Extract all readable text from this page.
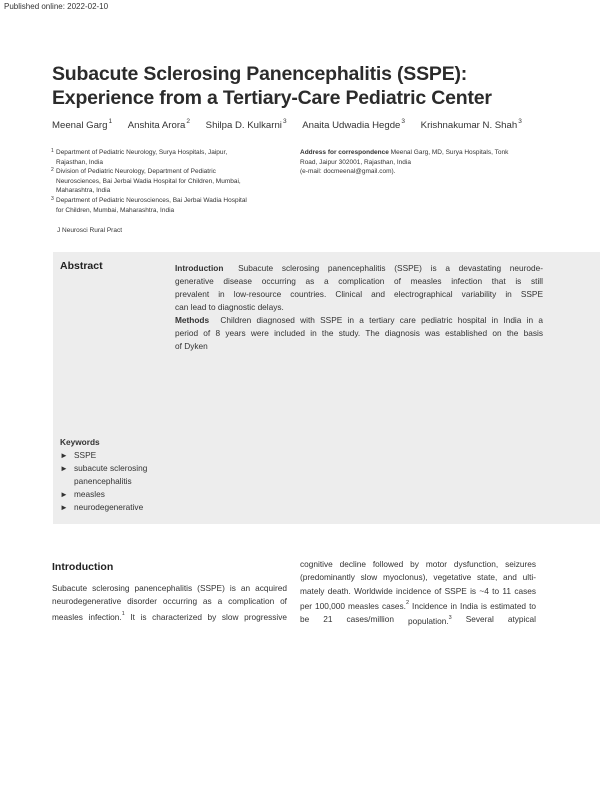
Published online: 2022-02-10
Subacute Sclerosing Panencephalitis (SSPE):
Experience from a Tertiary-Care Pediatric Center
Meenal Garg$^1$ Anshita Arora$^2$ Shilpa D. Kulkarni$^3$ Anaita Udwadia Hegde$^3$ Krishnakumar N. Shah$^3$
1 Department of Pediatric Neurology, Surya Hospitals, Jaipur,
Rajasthan, India
2 Division of Pediatric Neurology, Department of Pediatric
Neurosciences, Bai Jerbai Wadia Hospital for Children, Mumbai,
Maharashtra, India
3 Department of Pediatric Neurosciences, Bai Jerbai Wadia Hospital
for Children, Mumbai, Maharashtra, India
J Neurosci Rural Pract
Address for correspondence Meenal Garg, MD, Surya Hospitals, Tonk
Road, Jaipur 302001, Rajasthan, India
(e-mail: docmeenal@gmail.com).
Abstract	Introduction Subacute sclerosing panencephalitis (SSPE) is a devastating neurode-
generative disease occurring as a complication of measles infection that is still
prevalent in low-resource countries. Clinical and electrographical variability in SSPE
can lead to diagnostic delays.
Methods Children diagnosed with SSPE in a tertiary care pediatric hospital in India in a
period of 8 years were included in the study. The diagnosis was established on the basis
of Dyken
Keywords
► SSPE
► subacute sclerosing
panencephalitis
► measles
► neurodegenerative
Introduction
Subacute sclerosing panencephalitis (SSPE) is an acquired
neurodegenerative disorder occurring as a complication of
measles infection.$^1$ It is characterized by slow progressive
cognitive decline followed by motor dysfunction, seizures
(predominantly slow myoclonus), vegetative state, and ulti-
mately death. Worldwide incidence of SSPE is ~4 to 11 cases
per 100,000 measles cases.$^2$ Incidence in India is estimated to
be 21 cases/million population.$^3$ Several atypical
